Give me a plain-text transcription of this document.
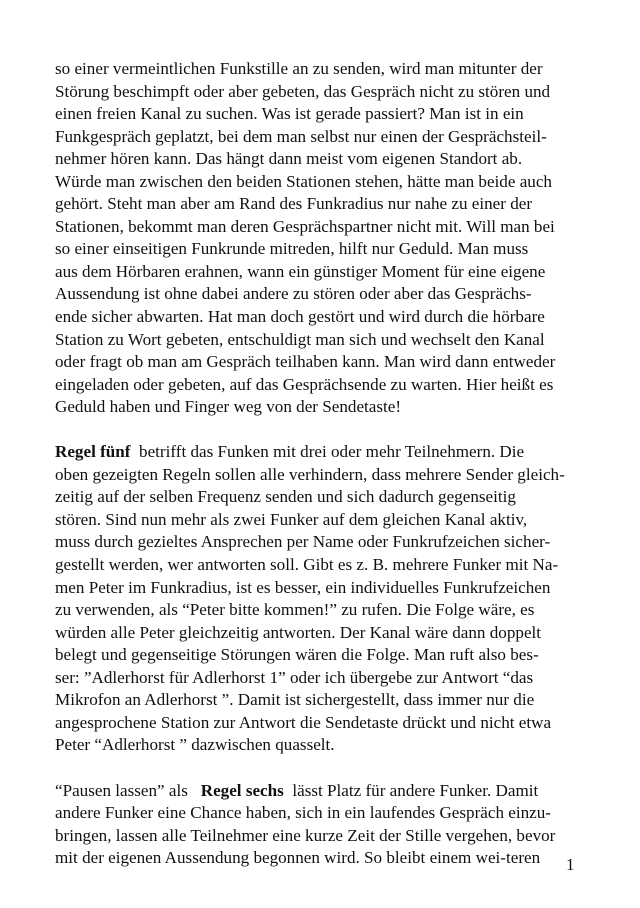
so einer vermeintlichen Funkstille an zu senden, wird man mitunter der
Störung beschimpft oder aber gebeten, das Gespräch nicht zu stören und
einen freien Kanal zu suchen. Was ist gerade passiert? Man ist in ein
Funkgespräch geplatzt, bei dem man selbst nur einen der Gesprächsteil-
nehmer hören kann. Das hängt dann meist vom eigenen Standort ab.
Würde man zwischen den beiden Stationen stehen, hätte man beide auch
gehört. Steht man aber am Rand des Funkradius nur nahe zu einer der
Stationen, bekommt man deren Gesprächspartner nicht mit. Will man bei
so einer einseitigen Funkrunde mitreden, hilft nur Geduld. Man muss
aus dem Hörbaren erahnen, wann ein günstiger Moment für eine eigene
Aussendung ist ohne dabei andere zu stören oder aber das Gesprächs-
ende sicher abwarten. Hat man doch gestört und wird durch die hörbare
Station zu Wort gebeten, entschuldigt man sich und wechselt den Kanal
oder fragt ob man am Gespräch teilhaben kann. Man wird dann entweder
eingeladen oder gebeten, auf das Gesprächsende zu warten. Hier heißt es
Geduld haben und Finger weg von der Sendetaste!
Regel fünf  betrifft das Funken mit drei oder mehr Teilnehmern. Die
oben gezeigten Regeln sollen alle verhindern, dass mehrere Sender gleich-
zeitig auf der selben Frequenz senden und sich dadurch gegenseitig
stören. Sind nun mehr als zwei Funker auf dem gleichen Kanal aktiv,
muss durch gezieltes Ansprechen per Name oder Funkrufzeichen sicher-
gestellt werden, wer antworten soll. Gibt es z. B. mehrere Funker mit Na-
men Peter im Funkradius, ist es besser, ein individuelles Funkrufzeichen
zu verwenden, als “Peter bitte kommen!” zu rufen. Die Folge wäre, es
würden alle Peter gleichzeitig antworten. Der Kanal wäre dann doppelt
belegt und gegenseitige Störungen wären die Folge. Man ruft also bes-
ser: ”Adlerhorst für Adlerhorst 1” oder ich übergebe zur Antwort “das
Mikrofon an Adlerhorst ”. Damit ist sichergestellt, dass immer nur die
angesprochene Station zur Antwort die Sendetaste drückt und nicht etwa
Peter “Adlerhorst ” dazwischen quasselt.
“Pausen lassen” als   Regel sechs  lässt Platz für andere Funker. Damit
andere Funker eine Chance haben, sich in ein laufendes Gespräch einzu-
bringen, lassen alle Teilnehmer eine kurze Zeit der Stille vergehen, bevor
mit der eigenen Aussendung begonnen wird. So bleibt einem wei-teren	1
